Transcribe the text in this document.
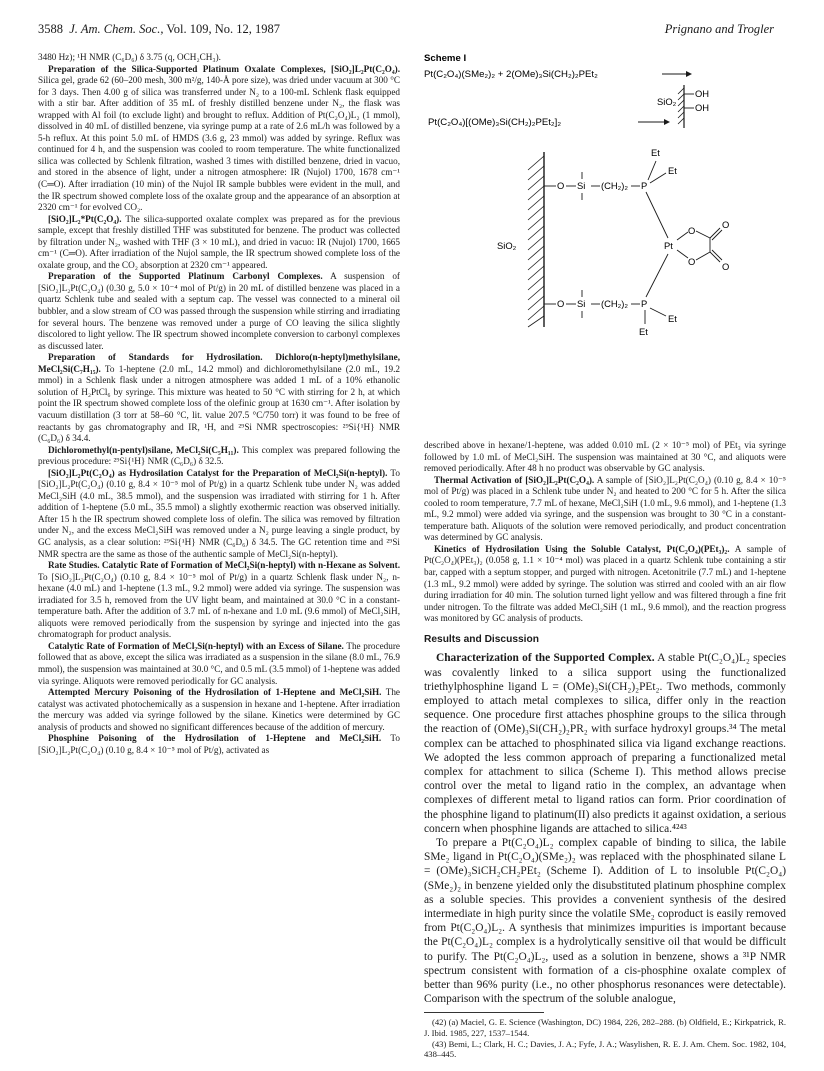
3588 J. Am. Chem. Soc., Vol. 109, No. 12, 1987	Prignano and Trogler

3480 Hz); ¹H NMR (C₆D₆) δ 3.75 (q, OCH₂CH₃).

Preparation of the Silica-Supported Platinum Oxalate Complexes, [SiO₂]L₂Pt(C₂O₄). Silica gel, grade 62 (60–200 mesh, 300 m²/g, 140-Å pore size), was dried under vacuum at 300 °C for 3 days. Then 4.00 g of silica was transferred under N₂ to a 100-mL Schlenk flask equipped with a stir bar. After addition of 35 mL of freshly distilled benzene under N₂, the flask was wrapped with Al foil (to exclude light) and brought to reflux. Addition of Pt(C₂O₄)L₂ (1 mmol), dissolved in 40 mL of distilled benzene, via syringe pump at a rate of 2.6 mL/h was followed by a 5-h reflux. At this point 5.0 mL of HMDS (3.6 g, 23 mmol) was added by syringe. Reflux was continued for 4 h, and the suspension was cooled to room temperature. The white functionalized silica was collected by Schlenk filtration, washed 3 times with distilled benzene, dried in vacuo, and stored in the absence of light, under a nitrogen atmosphere: IR (Nujol) 1700, 1678 cm⁻¹ (C═O). After irradiation (10 min) of the Nujol IR sample bubbles were evident in the mull, and the IR spectrum showed complete loss of the oxalate group and the appearance of an absorption at 2320 cm⁻¹ for evolved CO₂.

[SiO₂]L₂*Pt(C₂O₄). The silica-supported oxalate complex was prepared as for the previous sample, except that freshly distilled THF was substituted for benzene. The product was collected by filtration under N₂, washed with THF (3 × 10 mL), and dried in vacuo: IR (Nujol) 1700, 1665 cm⁻¹ (C═O). After irradiation of the Nujol sample, the IR spectrum showed complete loss of the oxalate group, and the CO₂ absorption at 2320 cm⁻¹ appeared.

Preparation of the Supported Platinum Carbonyl Complexes. A suspension of [SiO₂]L₂Pt(C₂O₄) (0.30 g, 5.0 × 10⁻⁴ mol of Pt/g) in 20 mL of distilled benzene was placed in a quartz Schlenk tube and sealed with a septum cap. The vessel was connected to a mineral oil bubbler, and a slow stream of CO was passed through the suspension while stirring and irradiating for several hours. The benzene was removed under a purge of CO leaving the silica slightly discolored to light yellow. The IR spectrum showed incomplete conversion to carbonyl complexes as discussed later.

Preparation of Standards for Hydrosilation. Dichloro(n-heptyl)methylsilane, MeCl₂Si(C₇H₁₅). To 1-heptene (2.0 mL, 14.2 mmol) and dichloromethylsilane (2.0 mL, 19.2 mmol) in a Schlenk flask under a nitrogen atmosphere was added 1 mL of a 10% ethanolic solution of H₂PtCl₆ by syringe. This mixture was heated to 50 °C with stirring for 2 h, at which point the IR spectrum showed complete loss of the olefinic group at 1630 cm⁻¹. After isolation by vacuum distillation (3 torr at 58–60 °C, lit. value 207.5 °C/750 torr) it was found to be free of reactants by gas chromatography and IR, ¹H, and ²⁹Si NMR spectroscopies: ²⁹Si{¹H} NMR (C₆D₆) δ 34.4.

Dichloromethyl(n-pentyl)silane, MeCl₂Si(C₅H₁₁). This complex was prepared following the previous procedure: ²⁹Si{¹H} NMR (C₆D₆) δ 32.5.

[SiO₂]L₂Pt(C₂O₄) as Hydrosilation Catalyst for the Preparation of MeCl₂Si(n-heptyl). To [SiO₂]L₂Pt(C₂O₄) (0.10 g, 8.4 × 10⁻⁵ mol of Pt/g) in a quartz Schlenk tube under N₂ was added MeCl₂SiH (4.0 mL, 38.5 mmol), and the suspension was irradiated with stirring for 1 h. After addition of 1-heptene (5.0 mL, 35.5 mmol) a slightly exothermic reaction was observed initially. After 15 h the IR spectrum showed complete loss of olefin. The silica was removed by filtration under N₂, and the excess MeCl₂SiH was removed under a N₂ purge leaving a single product, by GC analysis, as a clear solution: ²⁹Si{¹H} NMR (C₆D₆) δ 34.5. The GC retention time and ²⁹Si NMR spectra are the same as those of the authentic sample of MeCl₂Si(n-heptyl).

Rate Studies. Catalytic Rate of Formation of MeCl₂Si(n-heptyl) with n-Hexane as Solvent. To [SiO₂]L₂Pt(C₂O₄) (0.10 g, 8.4 × 10⁻⁵ mol of Pt/g) in a quartz Schlenk flask under N₂, n-hexane (4.0 mL) and 1-heptene (1.3 mL, 9.2 mmol) were added via syringe. The suspension was irradiated for 3.5 h, removed from the UV light beam, and maintained at 30.0 °C in a constant-temperature bath. After the addition of 3.7 mL of n-hexane and 1.0 mL (9.6 mmol) of MeCl₂SiH, aliquots were removed periodically from the suspension by syringe and injected into the gas chromatograph for product analysis.

Catalytic Rate of Formation of MeCl₂Si(n-heptyl) with an Excess of Silane. The procedure followed that as above, except the silica was irradiated as a suspension in the silane (8.0 mL, 76.9 mmol), the suspension was maintained at 30.0 °C, and 0.5 mL (3.5 mmol) of 1-heptene was added via syringe. Aliquots were removed periodically for GC analysis.

Attempted Mercury Poisoning of the Hydrosilation of 1-Heptene and MeCl₂SiH. The catalyst was activated photochemically as a suspension in hexane and 1-heptene. After irradiation the mercury was added via syringe followed by the silane. Kinetics were determined by GC analysis of products and showed no significant differences because of the addition of mercury.

Phosphine Poisoning of the Hydrosilation of 1-Heptene and MeCl₂SiH. To [SiO₂]L₂Pt(C₂O₄) (0.10 g, 8.4 × 10⁻⁵ mol of Pt/g), activated as

Scheme I
Pt(C₂O₄)(SMe₂)₂ + 2(OMe)₃Si(CH₂)₂PEt₂
SiO₂
OH
OH
Pt(C₂O₄)[(OMe)₃Si(CH₂)₂PEt₂]₂
SiO₂
O Si (CH₂)₂ P
Et
Et
Pt
O
O
O
O
O Si (CH₂)₂ P
Et
Et

described above in hexane/1-heptene, was added 0.010 mL (2 × 10⁻⁵ mol) of PEt₃ via syringe followed by 1.0 mL of MeCl₂SiH. The suspension was maintained at 30 °C, and aliquots were removed periodically. After 48 h no product was observable by GC analysis.

Thermal Activation of [SiO₂]L₂Pt(C₂O₄). A sample of [SiO₂]L₂Pt(C₂O₄) (0.10 g, 8.4 × 10⁻⁵ mol of Pt/g) was placed in a Schlenk tube under N₂ and heated to 200 °C for 5 h. After the silica cooled to room temperature, 7.7 mL of hexane, MeCl₂SiH (1.0 mL, 9.6 mmol), and 1-heptene (1.3 mL, 9.2 mmol) were added via syringe, and the suspension was brought to 30 °C in a constant-temperature bath. Aliquots of the solution were removed periodically, and product concentration was determined by GC analysis.

Kinetics of Hydrosilation Using the Soluble Catalyst, Pt(C₂O₄)(PEt₃)₂. A sample of Pt(C₂O₄)(PEt₃)₂ (0.058 g, 1.1 × 10⁻⁴ mol) was placed in a quartz Schlenk tube containing a stir bar, capped with a septum stopper, and purged with nitrogen. Acetonitrile (7.7 mL) and 1-heptene (1.3 mL, 9.2 mmol) were added by syringe. The solution was stirred and cooled with an air flow during irradiation for 40 min. The solution turned light yellow and was filtered through a fine frit under nitrogen. To the filtrate was added MeCl₂SiH (1 mL, 9.6 mmol), and the reaction progress was monitored by GC analysis of products.

Results and Discussion

Characterization of the Supported Complex. A stable Pt(C₂O₄)L₂ species was covalently linked to a silica support using the functionalized triethylphosphine ligand L = (OMe)₃Si(CH₂)₂PEt₂. Two methods, commonly employed to attach metal complexes to silica, differ only in the reaction sequence. One procedure first attaches phosphine groups to the silica through the reaction of (OMe)₃Si(CH₂)₂PR₂ with surface hydroxyl groups.³⁴ The metal complex can be attached to phosphinated silica via ligand exchange reactions. We adopted the less common approach of preparing a functionalized metal complex for attachment to silica (Scheme I). This method allows precise control over the metal to ligand ratio in the complex, an advantage when complexes of different metal to ligand ratios can form. Prior coordination of the phosphine ligand to platinum(II) also predicts it against oxidation, a serious concern when phosphine ligands are attached to silica.⁴²⁴³

To prepare a Pt(C₂O₄)L₂ complex capable of binding to silica, the labile SMe₂ ligand in Pt(C₂O₄)(SMe₂)₂ was replaced with the phosphinated silane L = (OMe)₃SiCH₂CH₂PEt₂ (Scheme I). Addition of L to insoluble Pt(C₂O₄)(SMe₂)₂ in benzene yielded only the disubstituted platinum phosphine complex as a soluble species. This provides a convenient synthesis of the desired intermediate in high purity since the volatile SMe₂ coproduct is easily removed from Pt(C₂O₄)L₂. A synthesis that minimizes impurities is important because the Pt(C₂O₄)L₂ complex is a hydrolytically sensitive oil that would be difficult to purify. The Pt(C₂O₄)L₂, used as a solution in benzene, shows a ³¹P NMR spectrum consistent with formation of a cis-phosphine oxalate complex of better than 96% purity (i.e., no other phosphorus resonances were detectable). Comparison with the spectrum of the soluble analogue,

(42) (a) Maciel, G. E. Science (Washington, DC) 1984, 226, 282–288. (b) Oldfield, E.; Kirkpatrick, R. J. Ibid. 1985, 227, 1537–1544.

(43) Bemi, L.; Clark, H. C.; Davies, J. A.; Fyfe, J. A.; Wasylishen, R. E. J. Am. Chem. Soc. 1982, 104, 438–445.
